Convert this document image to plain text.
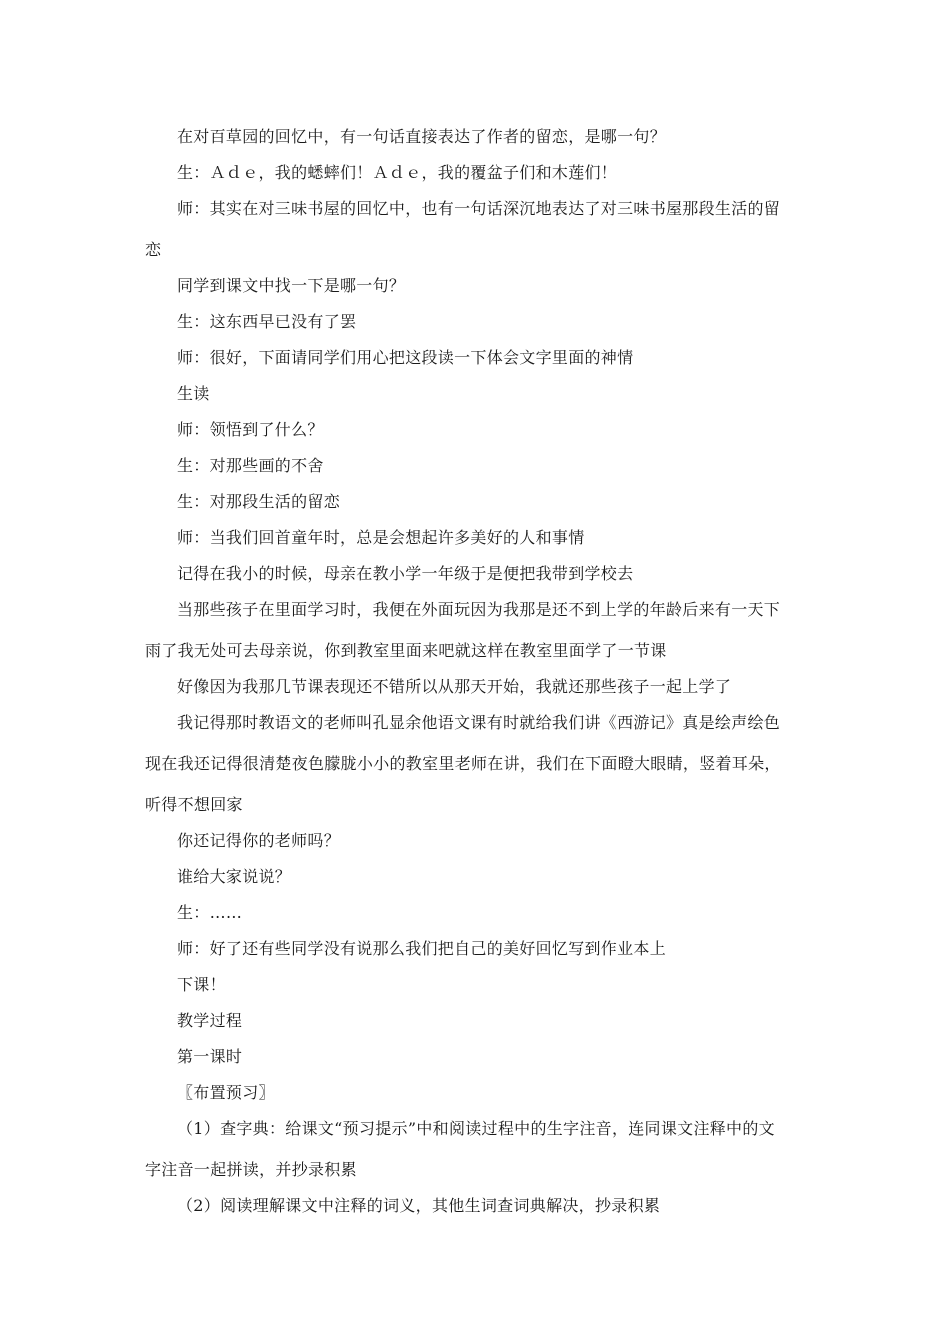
在对百草园的回忆中，有一句话直接表达了作者的留恋，是哪一句？
生：Ａｄｅ，我的蟋蟀们！Ａｄｅ，我的覆盆子们和木莲们！
师：其实在对三味书屋的回忆中，也有一句话深沉地表达了对三味书屋那段生活的留
恋
同学到课文中找一下是哪一句？
生：这东西早已没有了罢
师：很好，下面请同学们用心把这段读一下体会文字里面的神情
生读
师：领悟到了什么？
生：对那些画的不舍
生：对那段生活的留恋
师：当我们回首童年时，总是会想起许多美好的人和事情
记得在我小的时候，母亲在教小学一年级于是便把我带到学校去
当那些孩子在里面学习时，我便在外面玩因为我那是还不到上学的年龄后来有一天下
雨了我无处可去母亲说，你到教室里面来吧就这样在教室里面学了一节课
好像因为我那几节课表现还不错所以从那天开始，我就还那些孩子一起上学了
我记得那时教语文的老师叫孔显余他语文课有时就给我们讲《西游记》真是绘声绘色
现在我还记得很清楚夜色朦胧小小的教室里老师在讲，我们在下面瞪大眼睛，竖着耳朵，
听得不想回家
你还记得你的老师吗？
谁给大家说说？
生：……
师：好了还有些同学没有说那么我们把自己的美好回忆写到作业本上
下课！
教学过程
第一课时
〖布置预习〗
（1）查字典：给课文“预习提示”中和阅读过程中的生字注音，连同课文注释中的文
字注音一起拼读，并抄录积累
（2）阅读理解课文中注释的词义，其他生词查词典解决，抄录积累
